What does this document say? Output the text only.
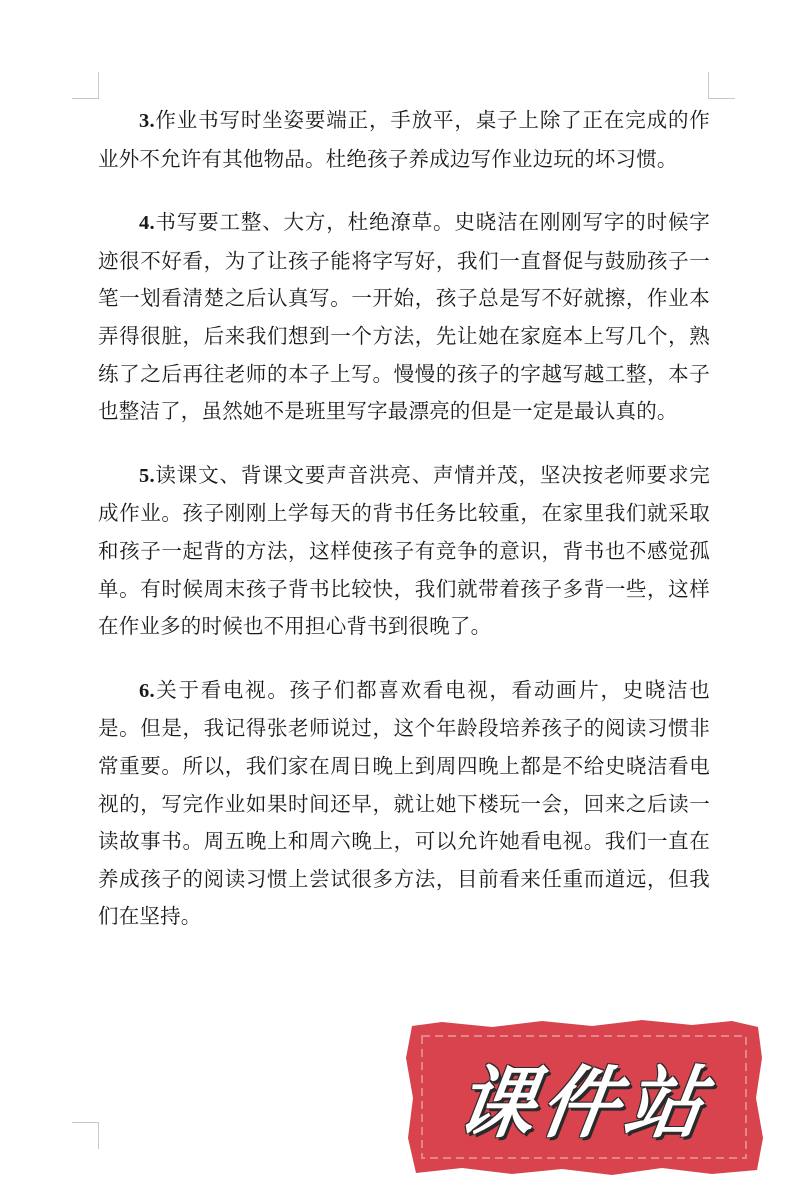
3.作业书写时坐姿要端正，手放平，桌子上除了正在完成的作业外不允许有其他物品。杜绝孩子养成边写作业边玩的坏习惯。

4.书写要工整、大方，杜绝潦草。史晓洁在刚刚写字的时候字迹很不好看，为了让孩子能将字写好，我们一直督促与鼓励孩子一笔一划看清楚之后认真写。一开始，孩子总是写不好就擦，作业本弄得很脏，后来我们想到一个方法，先让她在家庭本上写几个，熟练了之后再往老师的本子上写。慢慢的孩子的字越写越工整，本子也整洁了，虽然她不是班里写字最漂亮的但是一定是最认真的。

5.读课文、背课文要声音洪亮、声情并茂，坚决按老师要求完成作业。孩子刚刚上学每天的背书任务比较重，在家里我们就采取和孩子一起背的方法，这样使孩子有竞争的意识，背书也不感觉孤单。有时候周末孩子背书比较快，我们就带着孩子多背一些，这样在作业多的时候也不用担心背书到很晚了。

6.关于看电视。孩子们都喜欢看电视，看动画片，史晓洁也是。但是，我记得张老师说过，这个年龄段培养孩子的阅读习惯非常重要。所以，我们家在周日晚上到周四晚上都是不给史晓洁看电视的，写完作业如果时间还早，就让她下楼玩一会，回来之后读一读故事书。周五晚上和周六晚上，可以允许她看电视。我们一直在养成孩子的阅读习惯上尝试很多方法，目前看来任重而道远，但我们在坚持。

课件站
